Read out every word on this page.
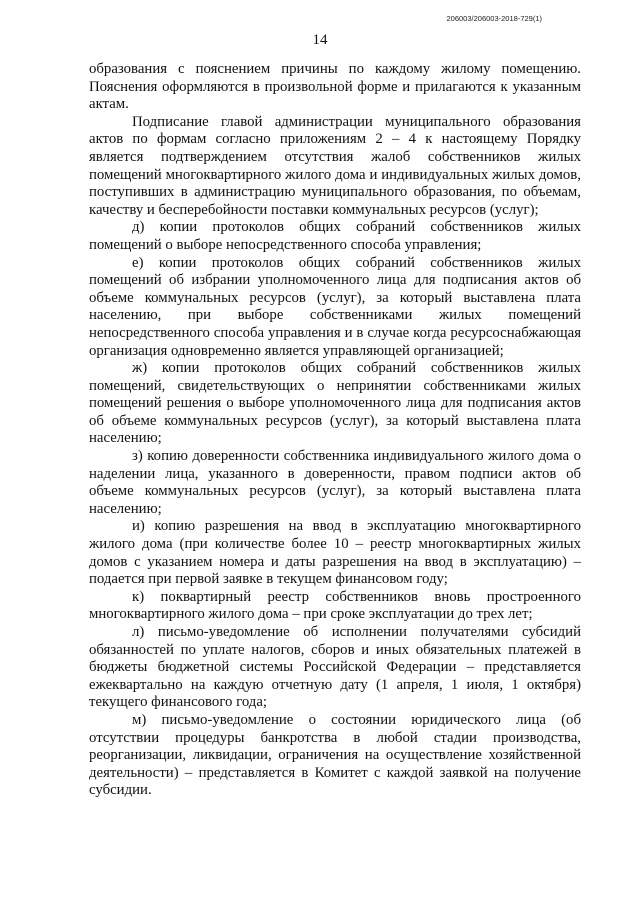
206003/206003-2018-729(1)
14

образования с пояснением причины по каждому жилому помещению. Пояснения оформляются в произвольной форме и прилагаются к указанным актам.

Подписание главой администрации муниципального образования актов по формам согласно приложениям 2 – 4 к настоящему Порядку является подтверждением отсутствия жалоб собственников жилых помещений многоквартирного жилого дома и индивидуальных жилых домов, поступивших в администрацию муниципального образования, по объемам, качеству и бесперебойности поставки коммунальных ресурсов (услуг);

д) копии протоколов общих собраний собственников жилых помещений о выборе непосредственного способа управления;

е) копии протоколов общих собраний собственников жилых помещений об избрании уполномоченного лица для подписания актов об объеме коммунальных ресурсов (услуг), за который выставлена плата населению, при выборе собственниками жилых помещений непосредственного способа управления и в случае когда ресурсоснабжающая организация одновременно является управляющей организацией;

ж) копии протоколов общих собраний собственников жилых помещений, свидетельствующих о непринятии собственниками жилых помещений решения о выборе уполномоченного лица для подписания актов об объеме коммунальных ресурсов (услуг), за который выставлена плата населению;

з) копию доверенности собственника индивидуального жилого дома о наделении лица, указанного в доверенности, правом подписи актов об объеме коммунальных ресурсов (услуг), за который выставлена плата населению;

и) копию разрешения на ввод в эксплуатацию многоквартирного жилого дома (при количестве более 10 – реестр многоквартирных жилых домов с указанием номера и даты разрешения на ввод в эксплуатацию) – подается при первой заявке в текущем финансовом году;

к) поквартирный реестр собственников вновь простроенного многоквартирного жилого дома – при сроке эксплуатации до трех лет;

л) письмо-уведомление об исполнении получателями субсидий обязанностей по уплате налогов, сборов и иных обязательных платежей в бюджеты бюджетной системы Российской Федерации – представляется ежеквартально на каждую отчетную дату (1 апреля, 1 июля, 1 октября) текущего финансового года;

м) письмо-уведомление о состоянии юридического лица (об отсутствии процедуры банкротства в любой стадии производства, реорганизации, ликвидации, ограничения на осуществление хозяйственной деятельности) – представляется в Комитет с каждой заявкой на получение субсидии.
